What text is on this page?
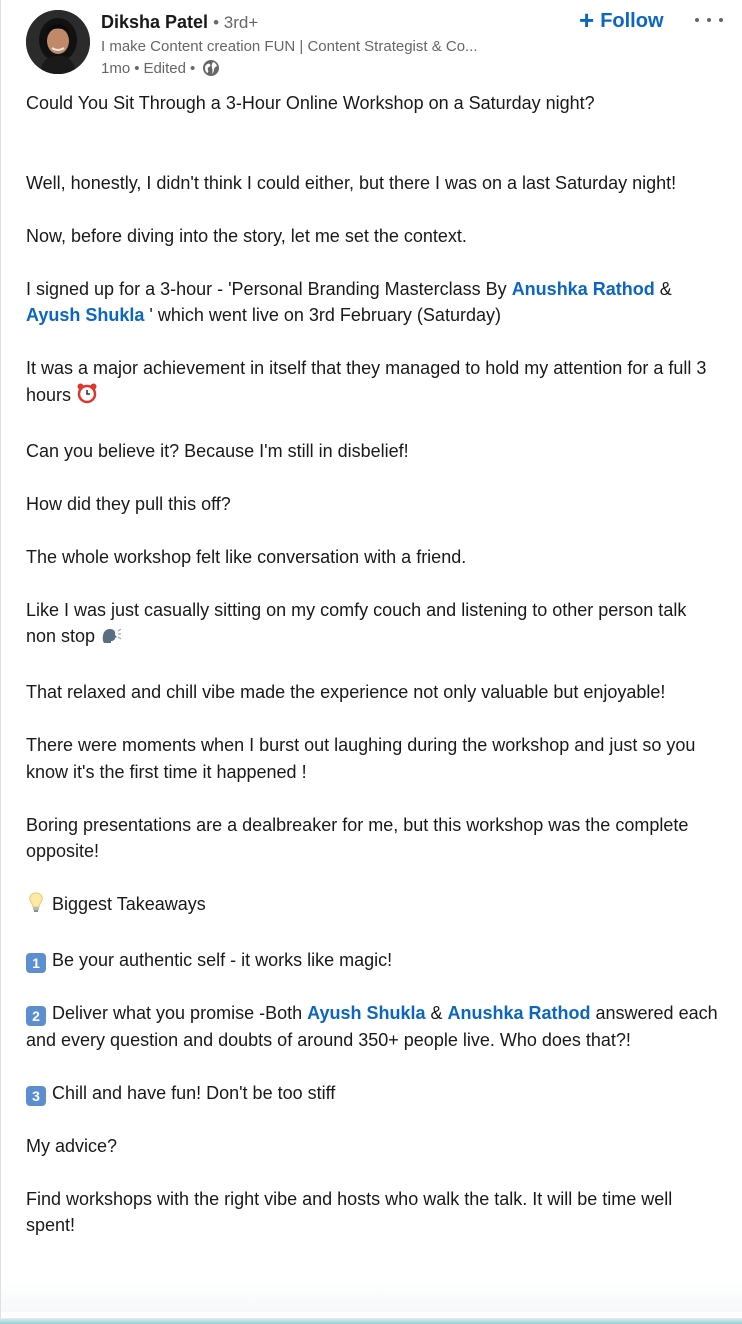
Diksha Patel • 3rd+
I make Content creation FUN | Content Strategist & Co...
1mo • Edited •
+ Follow

Could You Sit Through a 3-Hour Online Workshop on a Saturday night?

Well, honestly, I didn't think I could either, but there I was on a last Saturday night!

Now, before diving into the story, let me set the context.

I signed up for a 3-hour - 'Personal Branding Masterclass By Anushka Rathod & Ayush Shukla ' which went live on 3rd February (Saturday)

It was a major achievement in itself that they managed to hold my attention for a full 3 hours

Can you believe it? Because I'm still in disbelief!

How did they pull this off?

The whole workshop felt like conversation with a friend.

Like I was just casually sitting on my comfy couch and listening to other person talk non stop

That relaxed and chill vibe made the experience not only valuable but enjoyable!

There were moments when I burst out laughing during the workshop and just so you know it's the first time it happened !

Boring presentations are a dealbreaker for me, but this workshop was the complete opposite!

Biggest Takeaways

1 Be your authentic self - it works like magic!

2 Deliver what you promise -Both Ayush Shukla & Anushka Rathod answered each and every question and doubts of around 350+ people live. Who does that?!

3 Chill and have fun! Don't be too stiff

My advice?

Find workshops with the right vibe and hosts who walk the talk. It will be time well spent!
